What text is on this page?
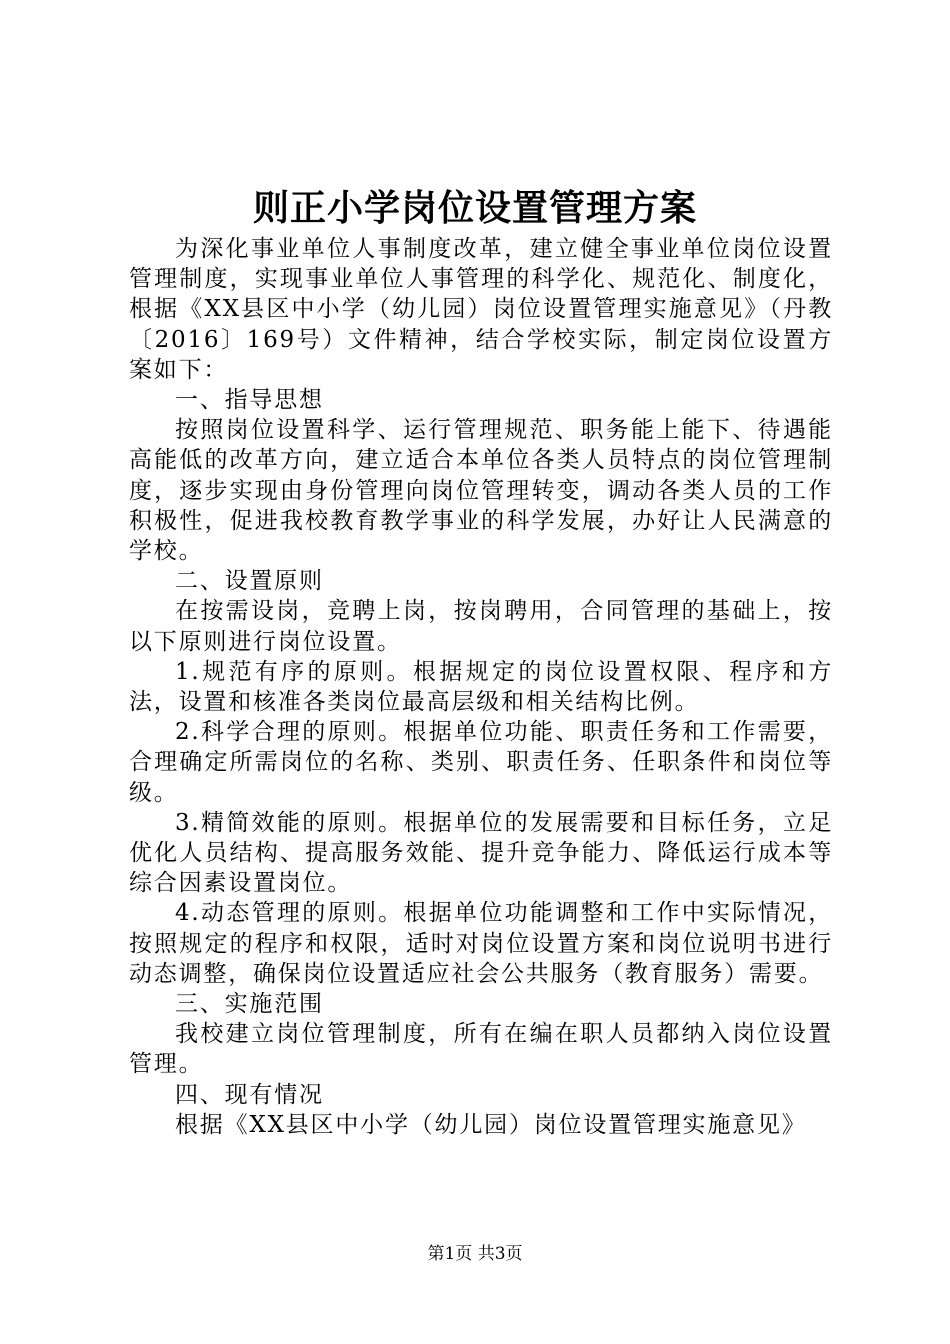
则正小学岗位设置管理方案

为深化事业单位人事制度改革，建立健全事业单位岗位设置管理制度，实现事业单位人事管理的科学化、规范化、制度化，根据《XX县区中小学（幼儿园）岗位设置管理实施意见》（丹教〔2016〕169号）文件精神，结合学校实际，制定岗位设置方案如下：

一、指导思想

按照岗位设置科学、运行管理规范、职务能上能下、待遇能高能低的改革方向，建立适合本单位各类人员特点的岗位管理制度，逐步实现由身份管理向岗位管理转变，调动各类人员的工作积极性，促进我校教育教学事业的科学发展，办好让人民满意的学校。

二、设置原则

在按需设岗，竞聘上岗，按岗聘用，合同管理的基础上，按以下原则进行岗位设置。

1.规范有序的原则。根据规定的岗位设置权限、程序和方法，设置和核准各类岗位最高层级和相关结构比例。

2.科学合理的原则。根据单位功能、职责任务和工作需要，合理确定所需岗位的名称、类别、职责任务、任职条件和岗位等级。

3.精简效能的原则。根据单位的发展需要和目标任务，立足优化人员结构、提高服务效能、提升竞争能力、降低运行成本等综合因素设置岗位。

4.动态管理的原则。根据单位功能调整和工作中实际情况，按照规定的程序和权限，适时对岗位设置方案和岗位说明书进行动态调整，确保岗位设置适应社会公共服务（教育服务）需要。

三、实施范围

我校建立岗位管理制度，所有在编在职人员都纳入岗位设置管理。

四、现有情况

根据《XX县区中小学（幼儿园）岗位设置管理实施意见》

第1页 共3页
